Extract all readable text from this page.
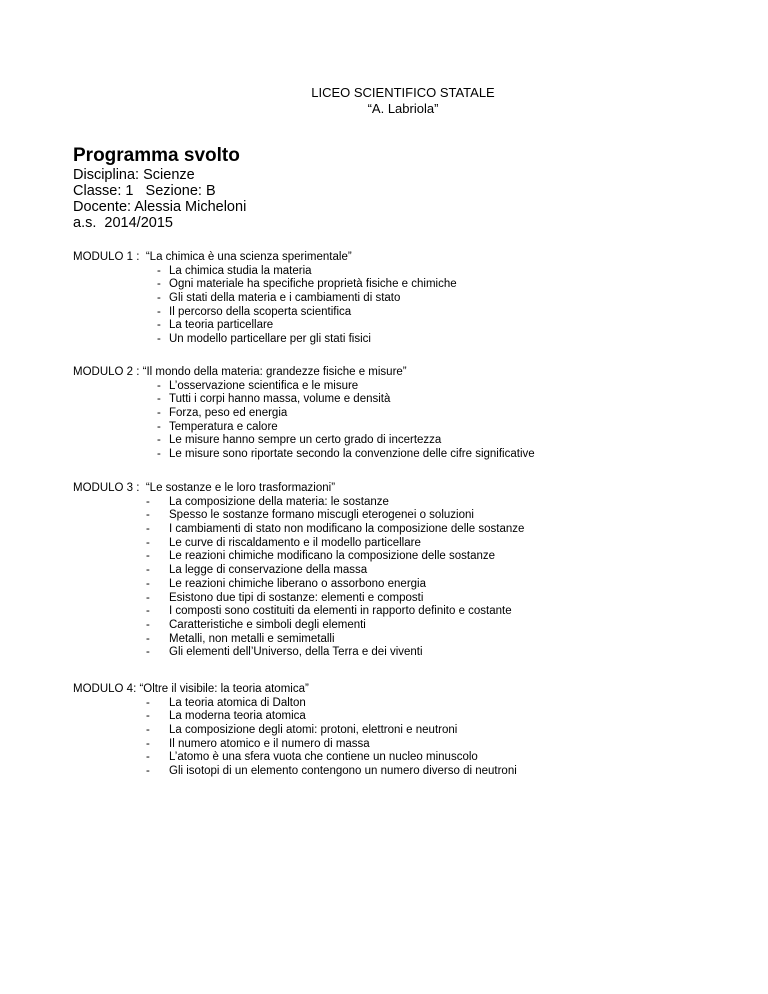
LICEO SCIENTIFICO STATALE
“A. Labriola”
Programma svolto
Disciplina: Scienze
Classe: 1   Sezione: B
Docente: Alessia Micheloni
a.s.  2014/2015
MODULO 1 :  “La chimica è una scienza sperimentale”
- La chimica studia la materia
- Ogni materiale ha specifiche proprietà fisiche e chimiche
- Gli stati della materia e i cambiamenti di stato
- Il percorso della scoperta scientifica
- La teoria particellare
- Un modello particellare per gli stati fisici
MODULO 2 : “Il mondo della materia: grandezze fisiche e misure”
- L’osservazione scientifica e le misure
- Tutti i corpi hanno massa, volume e densità
- Forza, peso ed energia
- Temperatura e calore
- Le misure hanno sempre un certo grado di incertezza
- Le misure sono riportate secondo la convenzione delle cifre significative
MODULO 3 :  “Le sostanze e le loro trasformazioni”
- La composizione della materia: le sostanze
- Spesso le sostanze formano miscugli eterogenei o soluzioni
- I cambiamenti di stato non modificano la composizione delle sostanze
- Le curve di riscaldamento e il modello particellare
- Le reazioni chimiche modificano la composizione delle sostanze
- La legge di conservazione della massa
- Le reazioni chimiche liberano o assorbono energia
- Esistono due tipi di sostanze: elementi e composti
- I composti sono costituiti da elementi in rapporto definito e costante
- Caratteristiche e simboli degli elementi
- Metalli, non metalli e semimetalli
- Gli elementi dell’Universo, della Terra e dei viventi
MODULO 4: “Oltre il visibile: la teoria atomica”
- La teoria atomica di Dalton
- La moderna teoria atomica
- La composizione degli atomi: protoni, elettroni e neutroni
- Il numero atomico e il numero di massa
- L’atomo è una sfera vuota che contiene un nucleo minuscolo
- Gli isotopi di un elemento contengono un numero diverso di neutroni
